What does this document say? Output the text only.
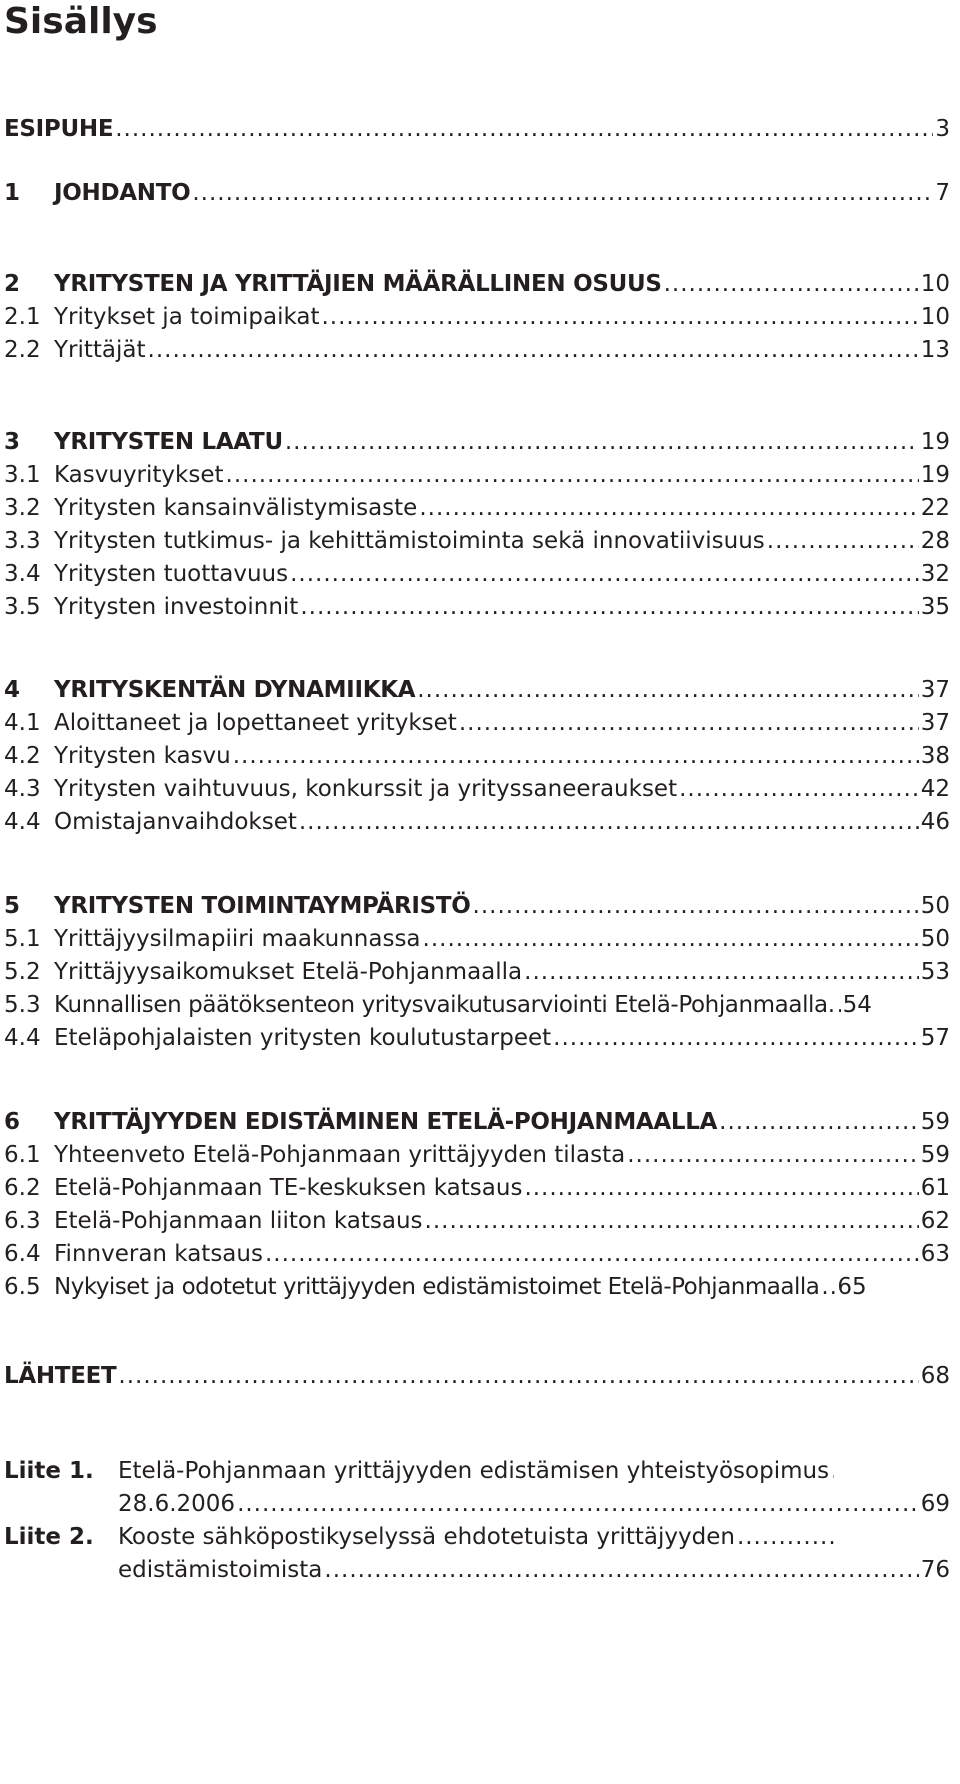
Sisällys
ESIPUHE .....	3
1	JOHDANTO .....	7
2	YRITYSTEN JA YRITTÄJIEN MÄÄRÄLLINEN OSUUS .....	10
2.1 Yritykset ja toimipaikat .....	10
2.2 Yrittäjät .....	13
3	YRITYSTEN LAATU .....	19
3.1 Kasvuyritykset .....	19
3.2 Yritysten kansainvälistymisaste .....	22
3.3 Yritysten tutkimus- ja kehittämistoiminta sekä innovatiivisuus .....	28
3.4 Yritysten tuottavuus .....	32
3.5 Yritysten investoinnit .....	35
4	YRITYSKENTÄN DYNAMIIKKA .....	37
4.1 Aloittaneet ja lopettaneet yritykset .....	37
4.2 Yritysten kasvu .....	38
4.3 Yritysten vaihtuvuus, konkurssit ja yrityssaneeraukset .....	42
4.4 Omistajanvaihdokset .....	46
5	YRITYSTEN TOIMINTAYMPÄRISTÖ .....	50
5.1 Yrittäjyysilmapiiri maakunnassa .....	50
5.2 Yrittäjyysaikomukset Etelä-Pohjanmaalla .....	53
5.3 Kunnallisen päätöksenteon yritysvaikutusarviointi Etelä-Pohjanmaalla. ..... 54
4.4 Eteläpohjalaisten yritysten koulutustarpeet .....	57
6	YRITTÄJYYDEN EDISTÄMINEN ETELÄ-POHJANMAALLA .....	59
6.1 Yhteenveto Etelä-Pohjanmaan yrittäjyyden tilasta .....	59
6.2 Etelä-Pohjanmaan TE-keskuksen katsaus .....	61
6.3 Etelä-Pohjanmaan liiton katsaus .....	62
6.4 Finnveran katsaus .....	63
6.5 Nykyiset ja odotetut yrittäjyyden edistämistoimet Etelä-Pohjanmaalla ..... 65
LÄHTEET .....	68
Liite 1.	Etelä-Pohjanmaan yrittäjyyden edistämisen yhteistyösopimus
.....
28.6.2006 .....	69
Liite 2.	Kooste sähköpostikyselyssä ehdotetuista yrittäjyyden
.....
edistämistoimista .....	76
